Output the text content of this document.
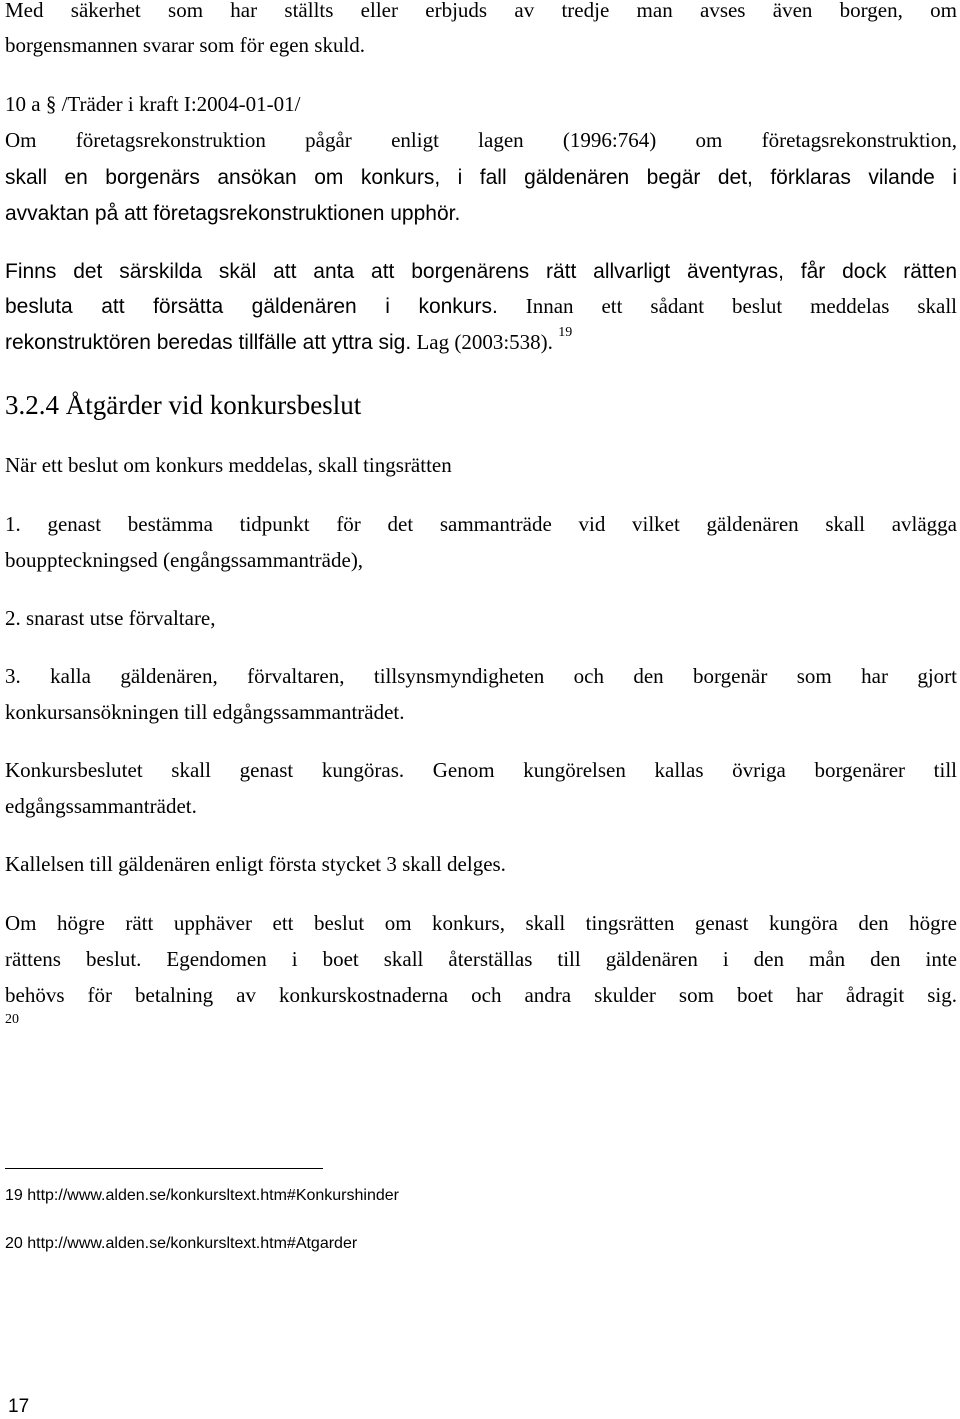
Med säkerhet som har ställts eller erbjuds av tredje man avses även borgen, om
borgensmannen svarar som för egen skuld.
10 a § /Träder i kraft I:2004-01-01/
Om företagsrekonstruktion pågår enligt lagen (1996:764) om företagsrekonstruktion,
skall en borgenärs ansökan om konkurs, i fall gäldenären begär det, förklaras vilande i
avvaktan på att företagsrekonstruktionen upphör.
Finns det särskilda skäl att anta att borgenärens rätt allvarligt äventyras, får dock rätten
besluta att försätta gäldenären i konkurs. Innan ett sådant beslut meddelas skall
rekonstruktören beredas tillfälle att yttra sig. Lag (2003:538). $^{19}$
3.2.4 Åtgärder vid konkursbeslut
När ett beslut om konkurs meddelas, skall tingsrätten
1. genast bestämma tidpunkt för det sammanträde vid vilket gäldenären skall avlägga
bouppteckningsed (engångssammanträde),
2. snarast utse förvaltare,
3. kalla gäldenären, förvaltaren, tillsynsmyndigheten och den borgenär som har gjort
konkursansökningen till edgångssammanträdet.
Konkursbeslutet skall genast kungöras. Genom kungörelsen kallas övriga borgenärer till
edgångssammanträdet.
Kallelsen till gäldenären enligt första stycket 3 skall delges.
Om högre rätt upphäver ett beslut om konkurs, skall tingsrätten genast kungöra den högre
rättens beslut. Egendomen i boet skall återställas till gäldenären i den mån den inte
behövs för betalning av konkurskostnaderna och andra skulder som boet har ådragit sig.
20
19 http://www.alden.se/konkursltext.htm#Konkurshinder
20 http://www.alden.se/konkursltext.htm#Atgarder
17
